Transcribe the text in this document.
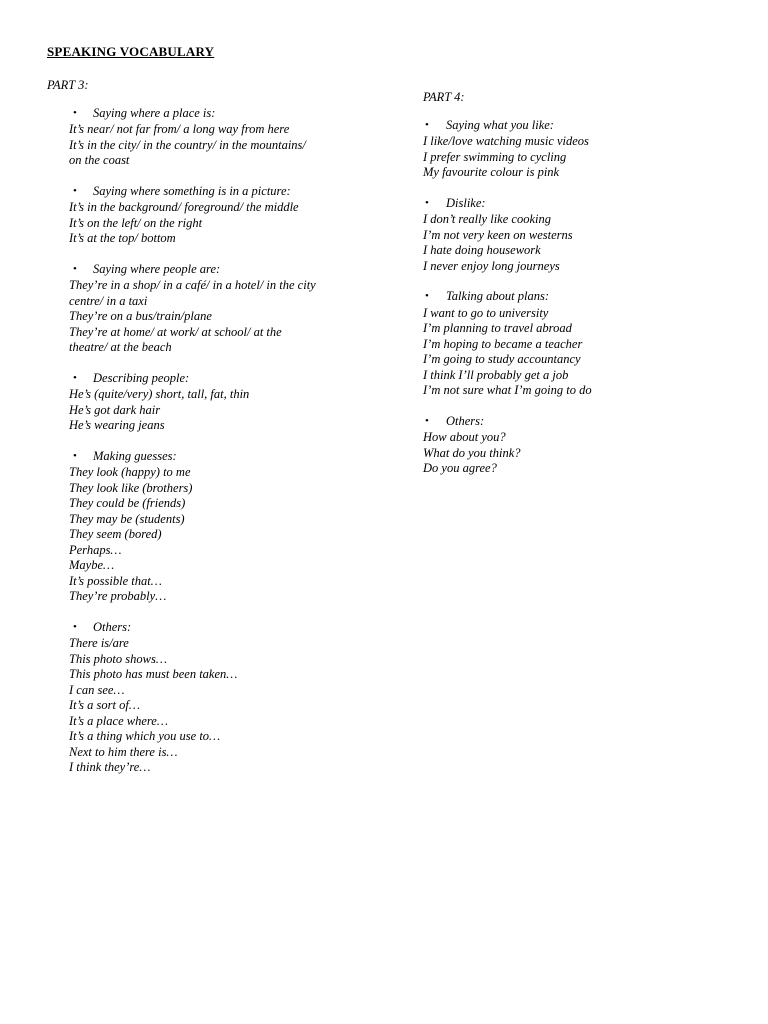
SPEAKING VOCABULARY
PART 3:
• Saying where a place is:
It’s near/ not far from/ a long way from here
It’s in the city/ in the country/ in the mountains/
on the coast
• Saying where something is in a picture:
It’s in the background/ foreground/ the middle
It’s on the left/ on the right
It’s at the top/ bottom
• Saying where people are:
They’re in a shop/ in a café/ in a hotel/ in the city
centre/ in a taxi
They’re on a bus/train/plane
They’re at home/ at work/ at school/ at the
theatre/ at the beach
• Describing people:
He’s (quite/very) short, tall, fat, thin
He’s got dark hair
He’s wearing jeans
• Making guesses:
They look (happy) to me
They look like (brothers)
They could be (friends)
They may be (students)
They seem (bored)
Perhaps…
Maybe…
It’s possible that…
They’re probably…
• Others:
There is/are
This photo shows…
This photo has must been taken…
I can see…
It’s a sort of…
It’s a place where…
It’s a thing which you use to…
Next to him there is…
I think they’re…
PART 4:
• Saying what you like:
I like/love watching music videos
I prefer swimming to cycling
My favourite colour is pink
• Dislike:
I don’t really like cooking
I’m not very keen on westerns
I hate doing housework
I never enjoy long journeys
• Talking about plans:
I want to go to university
I’m planning to travel abroad
I’m hoping to became a teacher
I’m going to study accountancy
I think I’ll probably get a job
I’m not sure what I’m going to do
• Others:
How about you?
What do you think?
Do you agree?
